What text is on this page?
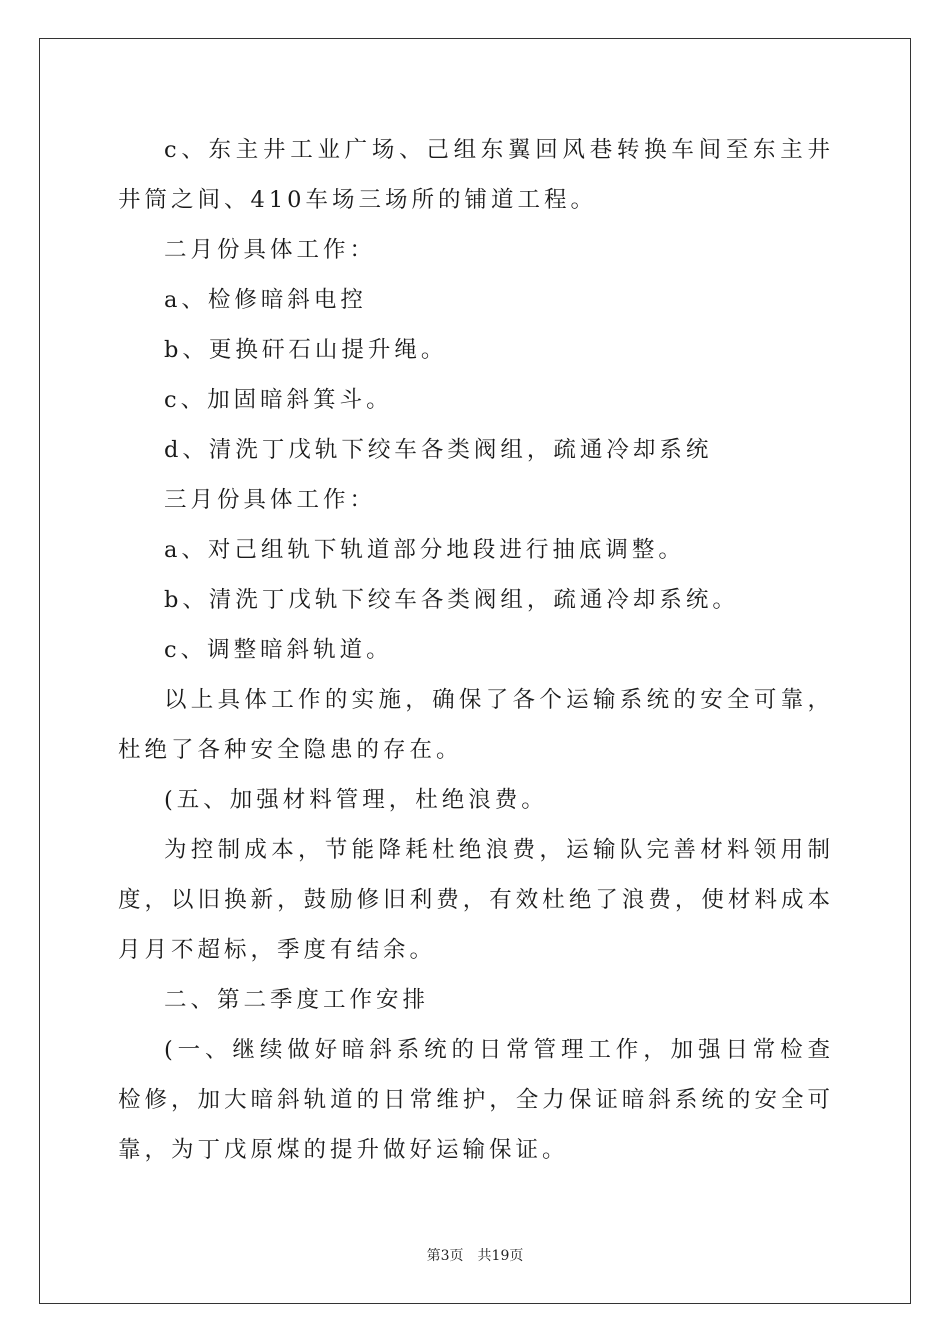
c、东主井工业广场、己组东翼回风巷转换车间至东主井井筒之间、410车场三场所的铺道工程。

二月份具体工作：

a、检修暗斜电控

b、更换矸石山提升绳。

c、加固暗斜箕斗。

d、清洗丁戊轨下绞车各类阀组，疏通冷却系统

三月份具体工作：

a、对己组轨下轨道部分地段进行抽底调整。

b、清洗丁戊轨下绞车各类阀组，疏通冷却系统。

c、调整暗斜轨道。

以上具体工作的实施，确保了各个运输系统的安全可靠，杜绝了各种安全隐患的存在。

(五、加强材料管理，杜绝浪费。

为控制成本，节能降耗杜绝浪费，运输队完善材料领用制度，以旧换新，鼓励修旧利费，有效杜绝了浪费，使材料成本月月不超标，季度有结余。

二、第二季度工作安排

(一、继续做好暗斜系统的日常管理工作，加强日常检查检修，加大暗斜轨道的日常维护，全力保证暗斜系统的安全可靠，为丁戊原煤的提升做好运输保证。

第3页　共19页
